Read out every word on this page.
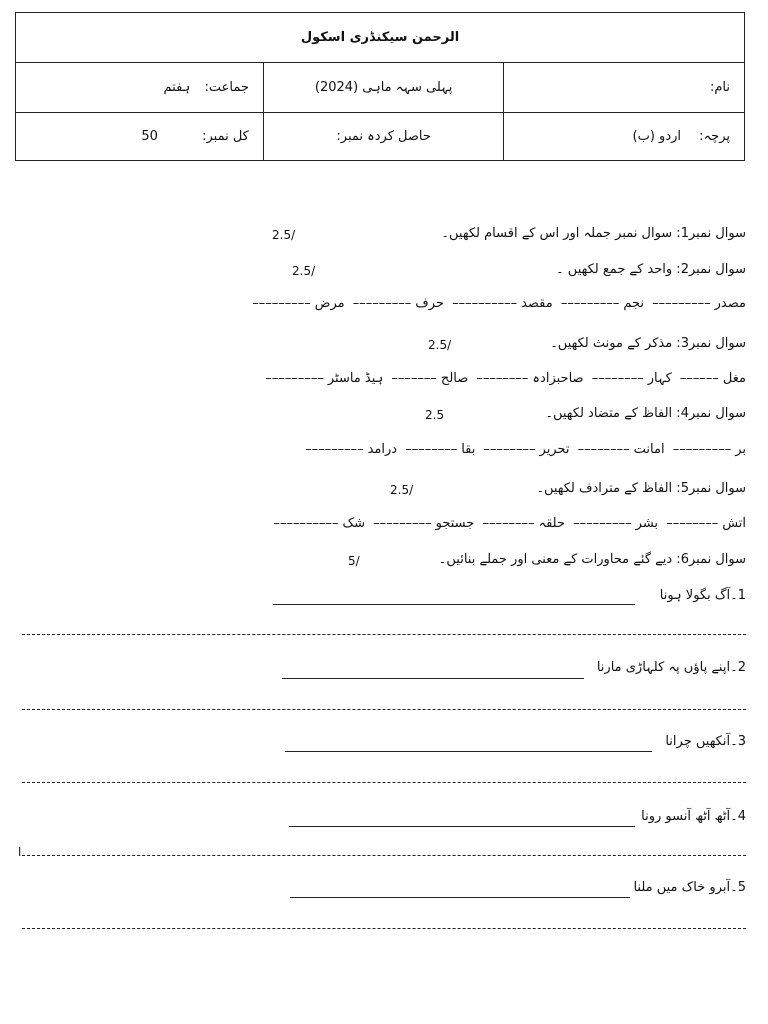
الرحمن سیکنڈری اسکول		
نام:	پہلی سہہ ماہی (2024)	جماعت: ہفتم
پرچہ: اردو (ب)	حاصل کردہ نمبر:	کل نمبر: 50
سوال نمبر1: سوال نمبر جملہ اور اس کے اقسام لکھیں۔
2.5/
سوال نمبر2: واحد کے جمع لکھیں ۔
2.5/
مصدر––––––––– نجم––––––––– مقصد–––––––––– حرف––––––––– مرض–––––––––
سوال نمبر3: مذکر کے مونث لکھیں۔
2.5/
مغل–––––– کہار–––––––– صاحبزادہ–––––––– صالح––––––– ہیڈ ماسٹر–––––––––
سوال نمبر4: الفاظ کے متضاد لکھیں۔
2.5
بر––––––––– امانت–––––––– تحریر–––––––– بقا–––––––– درآمد–––––––––
سوال نمبر5: الفاظ کے مترادف لکھیں۔
2.5/
آتش–––––––– بشر––––––––– حلقہ–––––––– جستجو––––––––– شک––––––––––
سوال نمبر6: دیے گئے محاورات کے معنی اور جملے بنائیں۔
5/
1۔آگ بگولا ہونا
2۔اپنے پاؤں پہ کلہاڑی مارنا
3۔آنکھیں چرانا
4۔آٹھ آٹھ آنسو رونا
ا
5۔آبرو خاک میں ملنا
